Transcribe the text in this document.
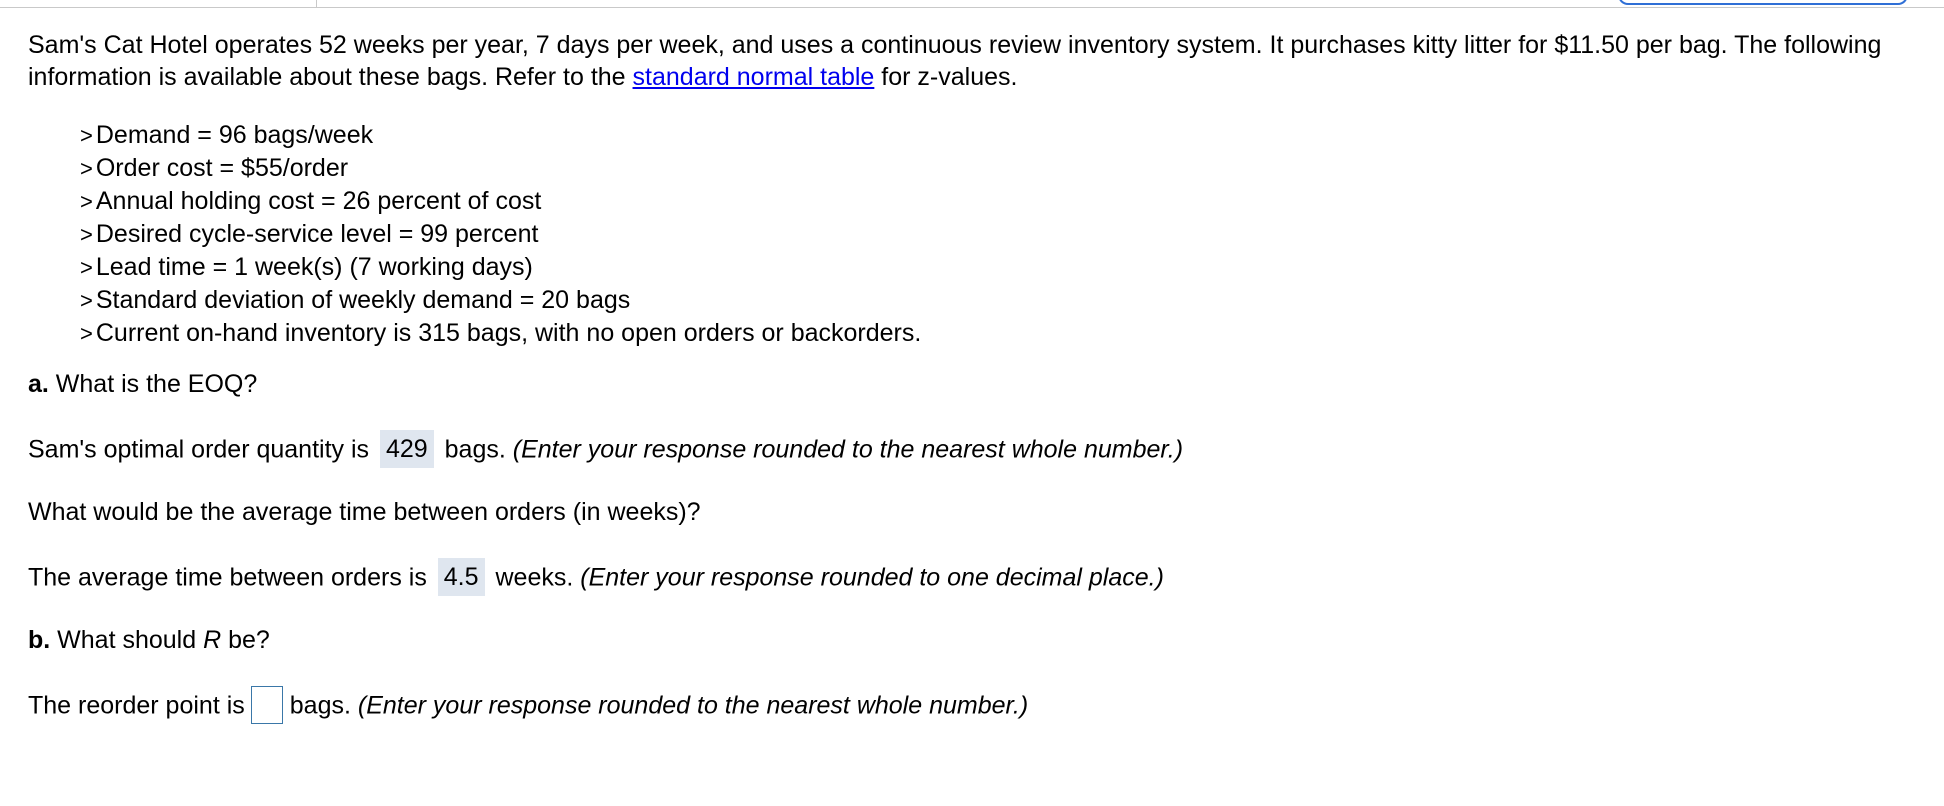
Sam's Cat Hotel operates 52 weeks per year, 7 days per week, and uses a continuous review inventory system. It purchases kitty litter for $11.50 per bag. The following information is available about these bags. Refer to the standard normal table for z-values.

> Demand = 96 bags/week
> Order cost = $55/order
> Annual holding cost = 26 percent of cost
> Desired cycle-service level = 99 percent
> Lead time = 1 week(s) (7 working days)
> Standard deviation of weekly demand = 20 bags
> Current on-hand inventory is 315 bags, with no open orders or backorders.
a. What is the EOQ?
Sam's optimal order quantity is 429 bags. (Enter your response rounded to the nearest whole number.)
What would be the average time between orders (in weeks)?
The average time between orders is 4.5 weeks. (Enter your response rounded to one decimal place.)
b. What should R be?
The reorder point is bags. (Enter your response rounded to the nearest whole number.)
